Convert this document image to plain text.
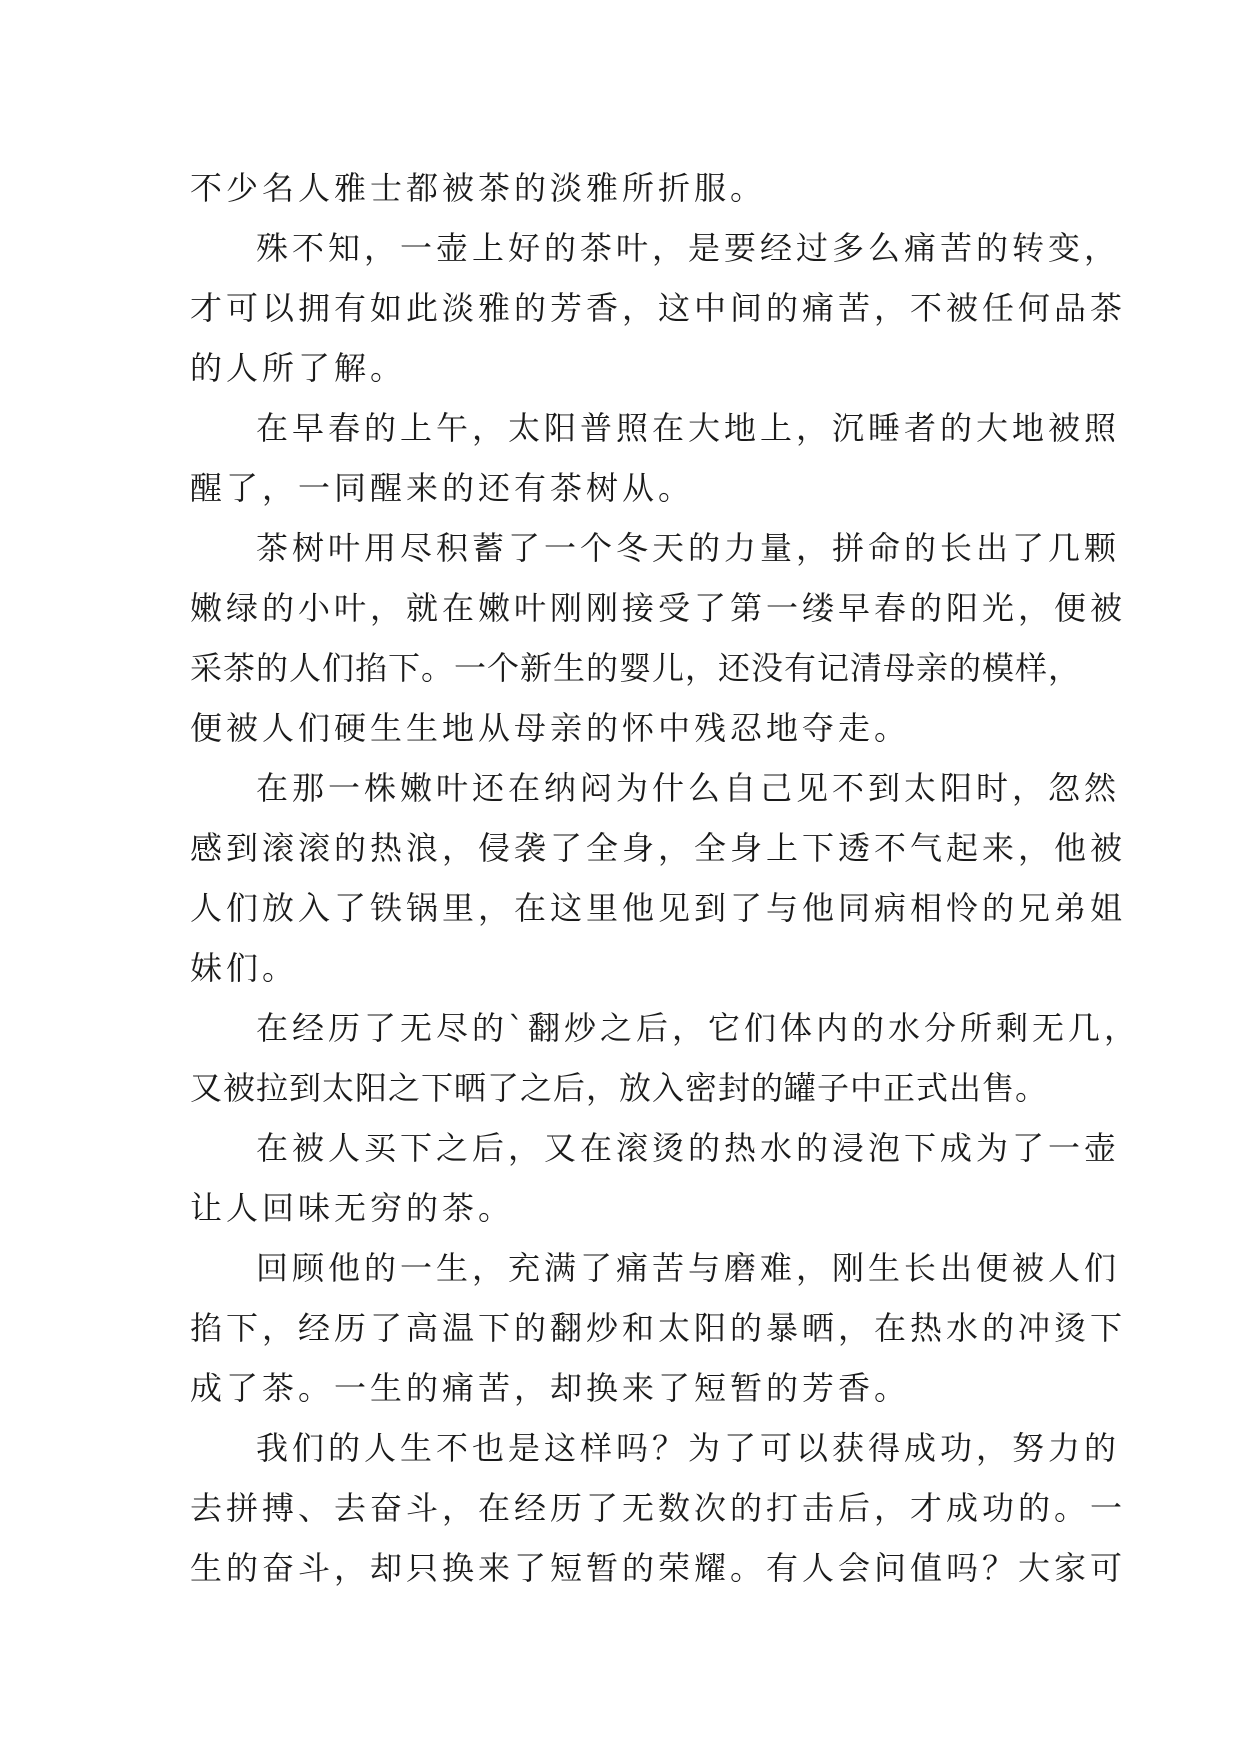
不少名人雅士都被茶的淡雅所折服。
殊不知，一壶上好的茶叶，是要经过多么痛苦的转变，
才可以拥有如此淡雅的芳香，这中间的痛苦，不被任何品茶
的人所了解。
在早春的上午，太阳普照在大地上，沉睡者的大地被照
醒了，一同醒来的还有茶树从。
茶树叶用尽积蓄了一个冬天的力量，拼命的长出了几颗
嫩绿的小叶，就在嫩叶刚刚接受了第一缕早春的阳光，便被
采茶的人们掐下。一个新生的婴儿，还没有记清母亲的模样，
便被人们硬生生地从母亲的怀中残忍地夺走。
在那一株嫩叶还在纳闷为什么自己见不到太阳时，忽然
感到滚滚的热浪，侵袭了全身，全身上下透不气起来，他被
人们放入了铁锅里，在这里他见到了与他同病相怜的兄弟姐
妹们。
在经历了无尽的`翻炒之后，它们体内的水分所剩无几，
又被拉到太阳之下晒了之后，放入密封的罐子中正式出售。
在被人买下之后，又在滚烫的热水的浸泡下成为了一壶
让人回味无穷的茶。
回顾他的一生，充满了痛苦与磨难，刚生长出便被人们
掐下，经历了高温下的翻炒和太阳的暴晒，在热水的冲烫下
成了茶。一生的痛苦，却换来了短暂的芳香。
我们的人生不也是这样吗？为了可以获得成功，努力的
去拼搏、去奋斗，在经历了无数次的打击后，才成功的。一
生的奋斗，却只换来了短暂的荣耀。有人会问值吗？大家可
